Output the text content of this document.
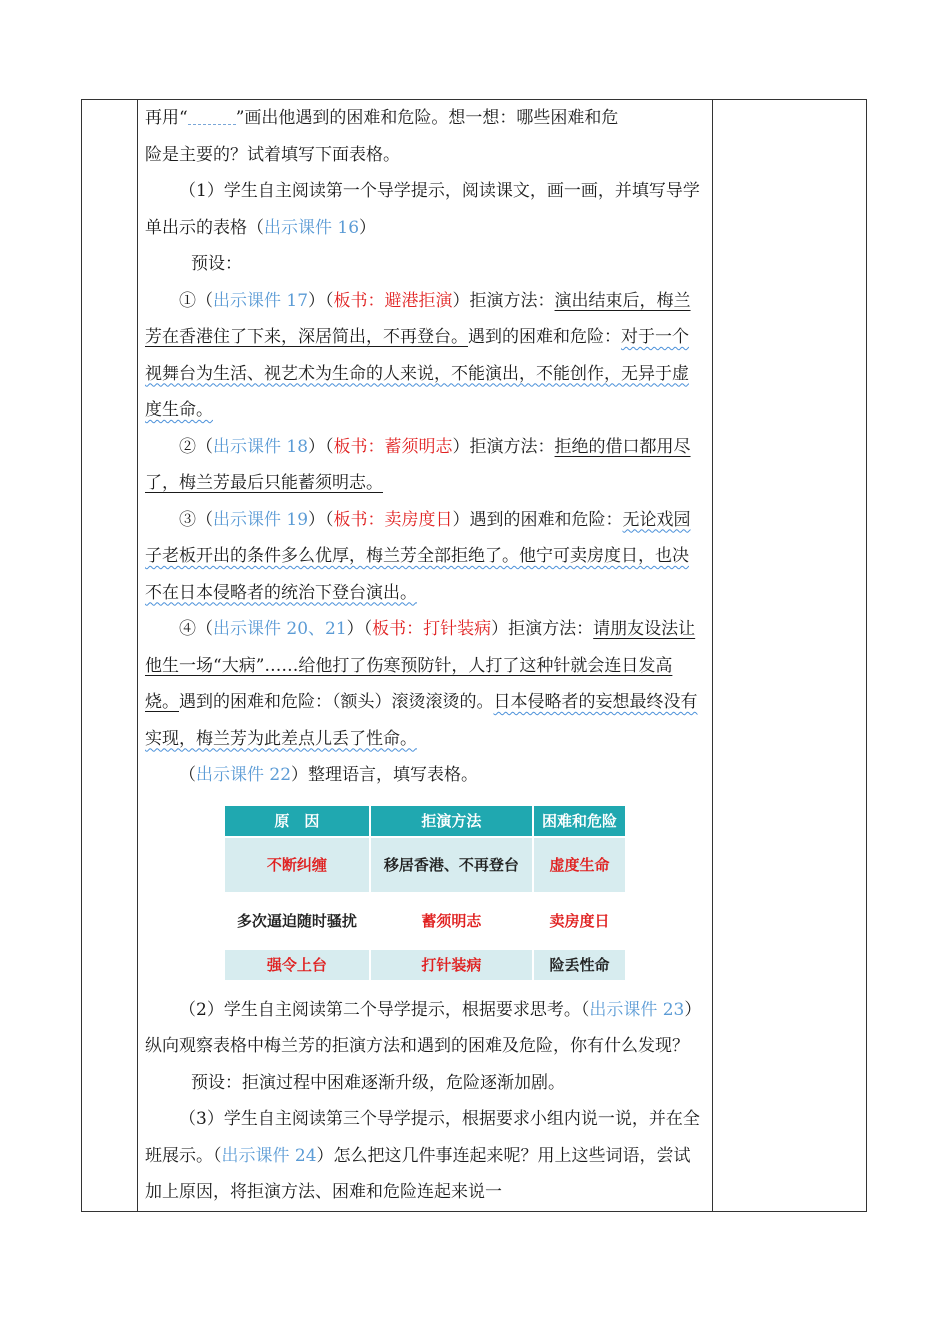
再用“	”画出他遇到的困难和危险。想一想：哪些困难和危
险是主要的？试着填写下面表格。

（1）学生自主阅读第一个导学提示，阅读课文，画一画，并填写导学单出示的表格（出示课件 16）

预设：

①（出示课件 17）（板书：避港拒演）拒演方法：演出结束后，梅兰芳在香港住了下来，深居简出，不再登台。遇到的困难和危险：对于一个视舞台为生活、视艺术为生命的人来说，不能演出，不能创作，无异于虚度生命。

②（出示课件 18）（板书：蓄须明志）拒演方法：拒绝的借口都用尽了，梅兰芳最后只能蓄须明志。

③（出示课件 19）（板书：卖房度日）遇到的困难和危险：无论戏园子老板开出的条件多么优厚，梅兰芳全部拒绝了。他宁可卖房度日，也决不在日本侵略者的统治下登台演出。

④（出示课件 20、21）（板书：打针装病）拒演方法：请朋友设法让他生一场“大病”……给他打了伤寒预防针，人打了这种针就会连日发高烧。遇到的困难和危险：（额头）滚烫滚烫的。日本侵略者的妄想最终没有实现，梅兰芳为此差点儿丢了性命。

（出示课件 22）整理语言，填写表格。

原　因	拒演方法	困难和危险
不断纠缠	移居香港、不再登台	虚度生命
多次逼迫随时骚扰	蓄须明志	卖房度日
强令上台	打针装病	险丢性命

（2）学生自主阅读第二个导学提示，根据要求思考。（出示课件 23）纵向观察表格中梅兰芳的拒演方法和遇到的困难及危险，你有什么发现？

预设：拒演过程中困难逐渐升级，危险逐渐加剧。

（3）学生自主阅读第三个导学提示，根据要求小组内说一说，并在全班展示。（出示课件 24）怎么把这几件事连起来呢？用上这些词语，尝试加上原因，将拒演方法、困难和危险连起来说一
